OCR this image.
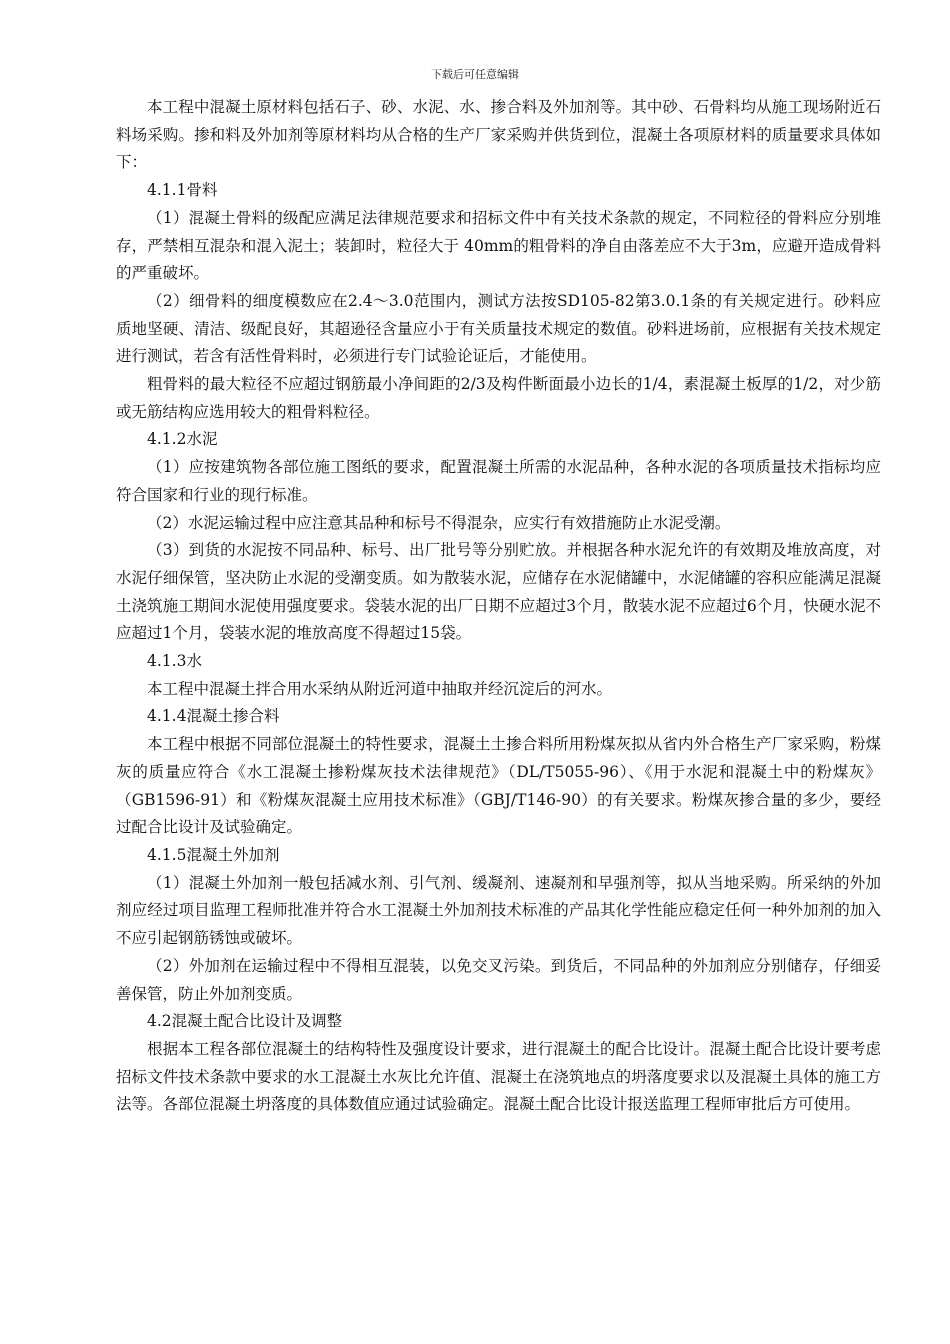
下载后可任意编辑

本工程中混凝土原材料包括石子、砂、水泥、水、掺合料及外加剂等。其中砂、石骨料均从施工现场附近石料场采购。掺和料及外加剂等原材料均从合格的生产厂家采购并供货到位，混凝土各项原材料的质量要求具体如下：

4.1.1骨料

（1）混凝土骨料的级配应满足法律规范要求和招标文件中有关技术条款的规定，不同粒径的骨料应分别堆存，严禁相互混杂和混入泥土；装卸时，粒径大于 40mm的粗骨料的净自由落差应不大于3m，应避开造成骨料的严重破坏。

（2）细骨料的细度模数应在2.4～3.0范围内，测试方法按SD105-82第3.0.1条的有关规定进行。砂料应质地坚硬、清洁、级配良好，其超逊径含量应小于有关质量技术规定的数值。砂料进场前，应根据有关技术规定进行测试，若含有活性骨料时，必须进行专门试验论证后，才能使用。

粗骨料的最大粒径不应超过钢筋最小净间距的2/3及构件断面最小边长的1/4，素混凝土板厚的1/2，对少筋或无筋结构应选用较大的粗骨料粒径。

4.1.2水泥

（1）应按建筑物各部位施工图纸的要求，配置混凝土所需的水泥品种，各种水泥的各项质量技术指标均应符合国家和行业的现行标准。

（2）水泥运输过程中应注意其品种和标号不得混杂，应实行有效措施防止水泥受潮。

（3）到货的水泥按不同品种、标号、出厂批号等分别贮放。并根据各种水泥允许的有效期及堆放高度，对水泥仔细保管，坚决防止水泥的受潮变质。如为散装水泥，应储存在水泥储罐中，水泥储罐的容积应能满足混凝土浇筑施工期间水泥使用强度要求。袋装水泥的出厂日期不应超过3个月，散装水泥不应超过6个月，快硬水泥不应超过1个月，袋装水泥的堆放高度不得超过15袋。

4.1.3水

本工程中混凝土拌合用水采纳从附近河道中抽取并经沉淀后的河水。

4.1.4混凝土掺合料

本工程中根据不同部位混凝土的特性要求，混凝土土掺合料所用粉煤灰拟从省内外合格生产厂家采购，粉煤灰的质量应符合《水工混凝土掺粉煤灰技术法律规范》（DL/T5055-96）、《用于水泥和混凝土中的粉煤灰》（GB1596-91）和《粉煤灰混凝土应用技术标准》（GBJ/T146-90）的有关要求。粉煤灰掺合量的多少，要经过配合比设计及试验确定。

4.1.5混凝土外加剂

（1）混凝土外加剂一般包括减水剂、引气剂、缓凝剂、速凝剂和早强剂等，拟从当地采购。所采纳的外加剂应经过项目监理工程师批准并符合水工混凝土外加剂技术标准的产品其化学性能应稳定任何一种外加剂的加入不应引起钢筋锈蚀或破坏。

（2）外加剂在运输过程中不得相互混装，以免交叉污染。到货后，不同品种的外加剂应分别储存，仔细妥善保管，防止外加剂变质。

4.2混凝土配合比设计及调整

根据本工程各部位混凝土的结构特性及强度设计要求，进行混凝土的配合比设计。混凝土配合比设计要考虑招标文件技术条款中要求的水工混凝土水灰比允许值、混凝土在浇筑地点的坍落度要求以及混凝土具体的施工方法等。各部位混凝土坍落度的具体数值应通过试验确定。混凝土配合比设计报送监理工程师审批后方可使用。
